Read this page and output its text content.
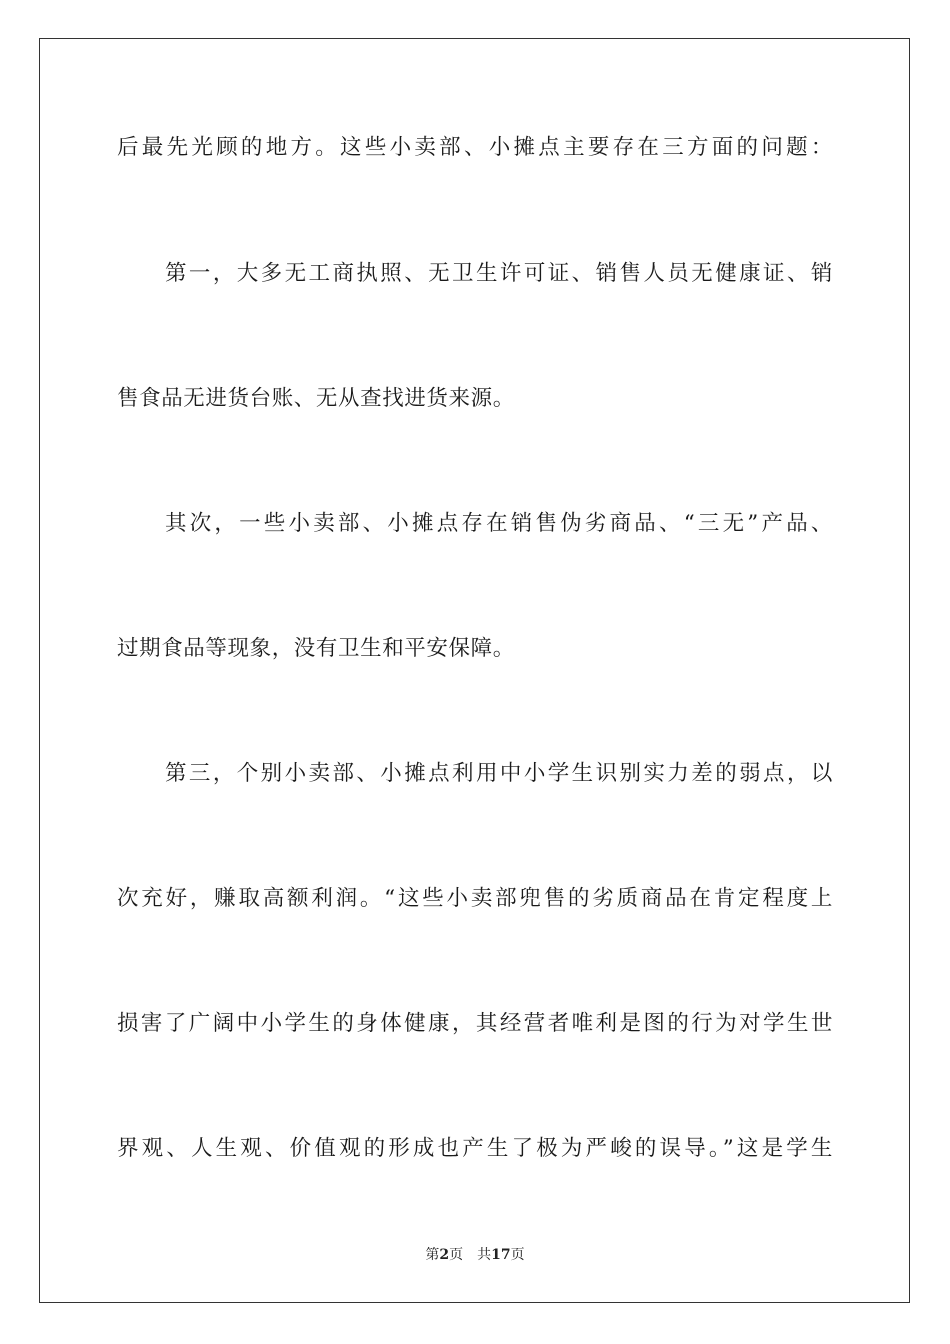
后最先光顾的地方。这些小卖部、小摊点主要存在三方面的问题：
第一，大多无工商执照、无卫生许可证、销售人员无健康证、销
售食品无进货台账、无从查找进货来源。
其次，一些小卖部、小摊点存在销售伪劣商品、“三无”产品、
过期食品等现象，没有卫生和平安保障。
第三，个别小卖部、小摊点利用中小学生识别实力差的弱点，以
次充好，赚取高额利润。“这些小卖部兜售的劣质商品在肯定程度上
损害了广阔中小学生的身体健康，其经营者唯利是图的行为对学生世
界观、人生观、价值观的形成也产生了极为严峻的误导。”这是学生
第2页 共17页
